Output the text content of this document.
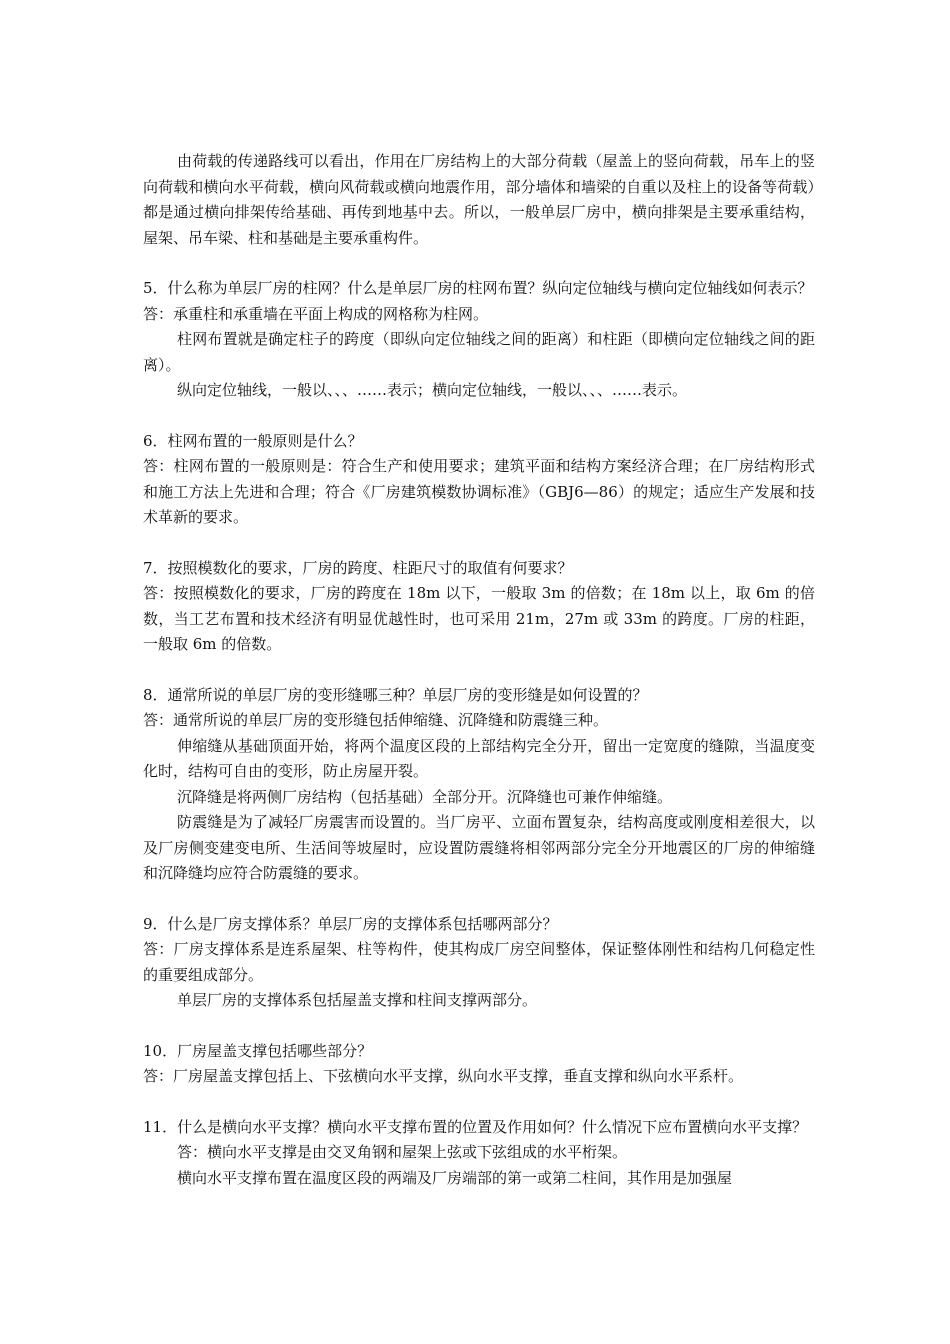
由荷载的传递路线可以看出，作用在厂房结构上的大部分荷载（屋盖上的竖向荷载，吊车上的竖向荷载和横向水平荷载，横向风荷载或横向地震作用，部分墙体和墙梁的自重以及柱上的设备等荷载）都是通过横向排架传给基础、再传到地基中去。所以，一般单层厂房中，横向排架是主要承重结构，屋架、吊车梁、柱和基础是主要承重构件。

5．什么称为单层厂房的柱网？什么是单层厂房的柱网布置？纵向定位轴线与横向定位轴线如何表示？

答：承重柱和承重墙在平面上构成的网格称为柱网。

柱网布置就是确定柱子的跨度（即纵向定位轴线之间的距离）和柱距（即横向定位轴线之间的距离）。

纵向定位轴线，一般以、、、……表示；横向定位轴线，一般以、、、……表示。

6．柱网布置的一般原则是什么？

答：柱网布置的一般原则是：符合生产和使用要求；建筑平面和结构方案经济合理；在厂房结构形式和施工方法上先进和合理；符合《厂房建筑模数协调标准》（GBJ6—86）的规定；适应生产发展和技术革新的要求。

7．按照模数化的要求，厂房的跨度、柱距尺寸的取值有何要求？

答：按照模数化的要求，厂房的跨度在 18m 以下，一般取 3m 的倍数；在 18m 以上，取 6m 的倍数，当工艺布置和技术经济有明显优越性时，也可采用 21m，27m 或 33m 的跨度。厂房的柱距，一般取 6m 的倍数。

8．通常所说的单层厂房的变形缝哪三种？单层厂房的变形缝是如何设置的？

答：通常所说的单层厂房的变形缝包括伸缩缝、沉降缝和防震缝三种。

伸缩缝从基础顶面开始，将两个温度区段的上部结构完全分开，留出一定宽度的缝隙，当温度变化时，结构可自由的变形，防止房屋开裂。

沉降缝是将两侧厂房结构（包括基础）全部分开。沉降缝也可兼作伸缩缝。

防震缝是为了减轻厂房震害而设置的。当厂房平、立面布置复杂，结构高度或刚度相差很大，以及厂房侧变建变电所、生活间等坡屋时，应设置防震缝将相邻两部分完全分开地震区的厂房的伸缩缝和沉降缝均应符合防震缝的要求。

9．什么是厂房支撑体系？单层厂房的支撑体系包括哪两部分？

答：厂房支撑体系是连系屋架、柱等构件，使其构成厂房空间整体，保证整体刚性和结构几何稳定性的重要组成部分。

单层厂房的支撑体系包括屋盖支撑和柱间支撑两部分。

10．厂房屋盖支撑包括哪些部分？

答：厂房屋盖支撑包括上、下弦横向水平支撑，纵向水平支撑，垂直支撑和纵向水平系杆。

11．什么是横向水平支撑？横向水平支撑布置的位置及作用如何？什么情况下应布置横向水平支撑？

答：横向水平支撑是由交叉角钢和屋架上弦或下弦组成的水平桁架。

横向水平支撑布置在温度区段的两端及厂房端部的第一或第二柱间，其作用是加强屋
